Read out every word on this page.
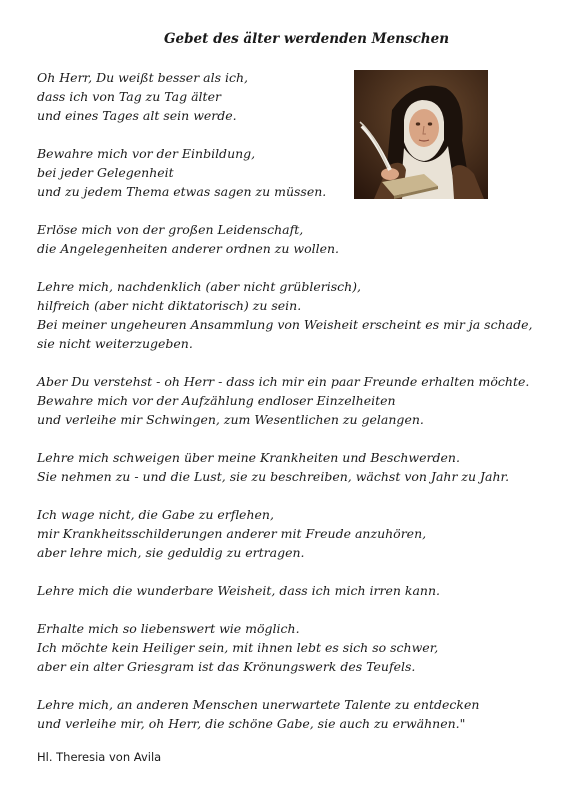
Gebet des älter werdenden Menschen

Oh Herr, Du weißt besser als ich,
dass ich von Tag zu Tag älter
und eines Tages alt sein werde.

Bewahre mich vor der Einbildung,
bei jeder Gelegenheit
und zu jedem Thema etwas sagen zu müssen.

Erlöse mich von der großen Leidenschaft,
die Angelegenheiten anderer ordnen zu wollen.

Lehre mich, nachdenklich (aber nicht grüblerisch),
hilfreich (aber nicht diktatorisch) zu sein.
Bei meiner ungeheuren Ansammlung von Weisheit erscheint es mir ja schade,
sie nicht weiterzugeben.

Aber Du verstehst - oh Herr - dass ich mir ein paar Freunde erhalten möchte.
Bewahre mich vor der Aufzählung endloser Einzelheiten
und verleihe mir Schwingen, zum Wesentlichen zu gelangen.

Lehre mich schweigen über meine Krankheiten und Beschwerden.
Sie nehmen zu - und die Lust, sie zu beschreiben, wächst von Jahr zu Jahr.

Ich wage nicht, die Gabe zu erflehen,
mir Krankheitsschilderungen anderer mit Freude anzuhören,
aber lehre mich, sie geduldig zu ertragen.

Lehre mich die wunderbare Weisheit, dass ich mich irren kann.

Erhalte mich so liebenswert wie möglich.
Ich möchte kein Heiliger sein, mit ihnen lebt es sich so schwer,
aber ein alter Griesgram ist das Krönungswerk des Teufels.

Lehre mich, an anderen Menschen unerwartete Talente zu entdecken
und verleihe mir, oh Herr, die schöne Gabe, sie auch zu erwähnen."

Hl. Theresia von Avila
